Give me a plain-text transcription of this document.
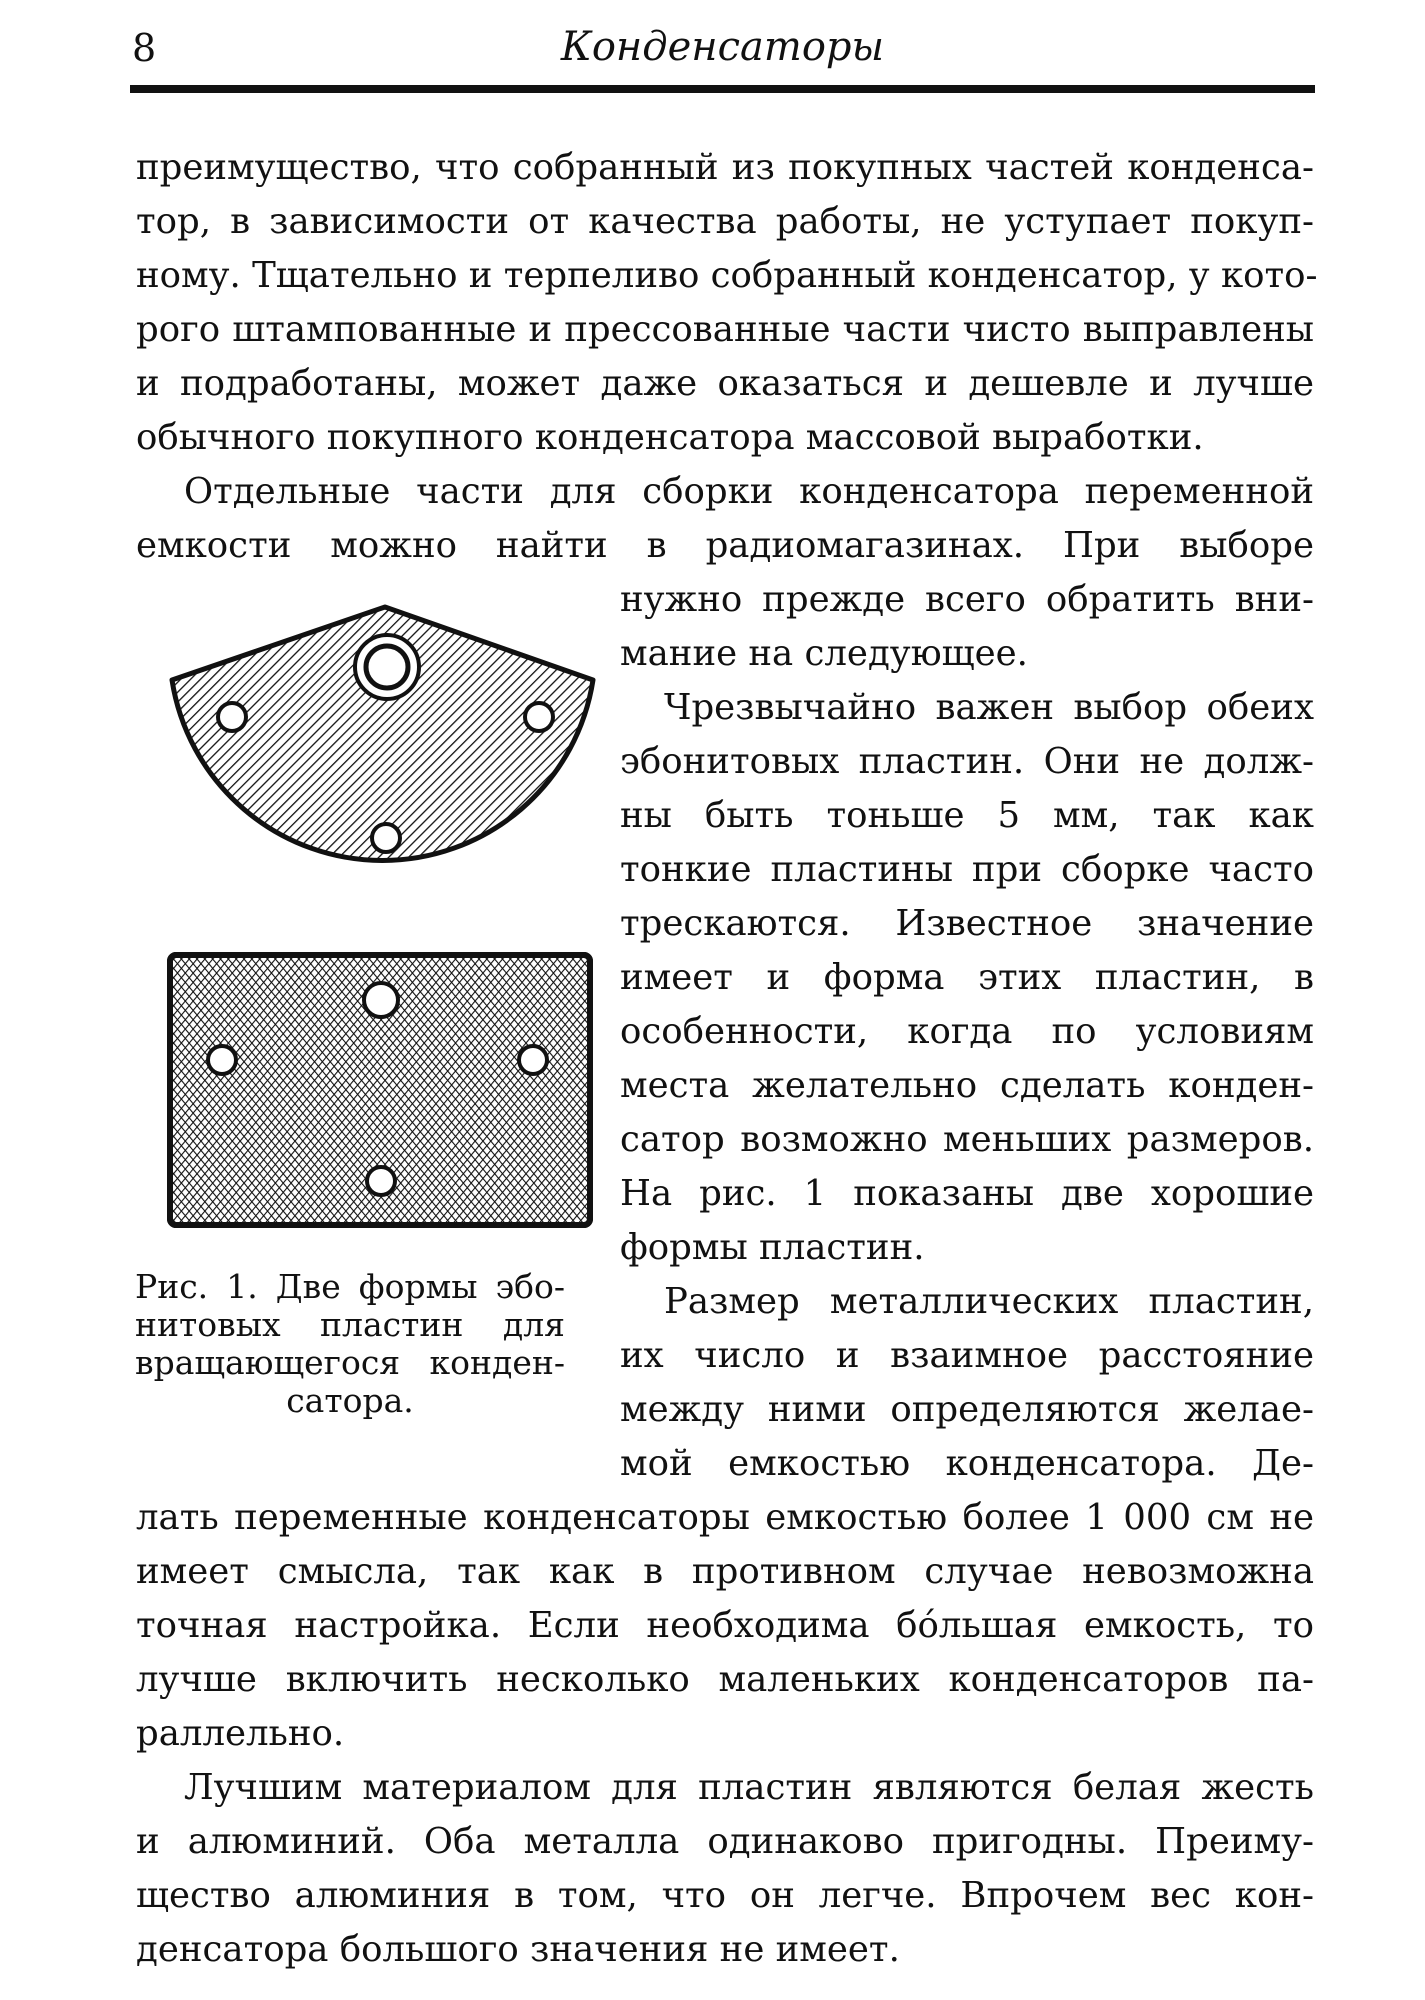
8	Конденсаторы
преимущество, что собранный из покупных частей конденса-
тор, в зависимости от качества работы, не уступает покуп-
ному. Тщательно и терпеливо собранный конденсатор, у кото-
рого штампованные и прессованные части чисто выправлены
и подработаны, может даже оказаться и дешевле и лучше
обычного покупного конденсатора массовой выработки.
Отдельные части для сборки конденсатора переменной
емкости можно найти в радиомагазинах. При выборе
нужно прежде всего обратить вни-
мание на следующее.
Чрезвычайно важен выбор обеих
эбонитовых пластин. Они не долж-
ны быть тоньше 5 мм, так как
тонкие пластины при сборке часто
трескаются. Известное значение
имеет и форма этих пластин, в
особенности, когда по условиям
места желательно сделать конден-
сатор возможно меньших размеров.
На рис. 1 показаны две хорошие
формы пластин.
Размер металлических пластин,
их число и взаимное расстояние
между ними определяются желае-
мой емкостью конденсатора. Де-
лать переменные конденсаторы емкостью более 1 000 см не
имеет смысла, так как в противном случае невозможна
точная настройка. Если необходима бо́льшая емкость, то
лучше включить несколько маленьких конденсаторов па-
раллельно.
Лучшим материалом для пластин являются белая жесть
и алюминий. Оба металла одинаково пригодны. Преиму-
щество алюминия в том, что он легче. Впрочем вес кон-
денсатора большого значения не имеет.
Рис. 1. Две формы эбо-
нитовых пластин для
вращающегося конден-
сатора.
